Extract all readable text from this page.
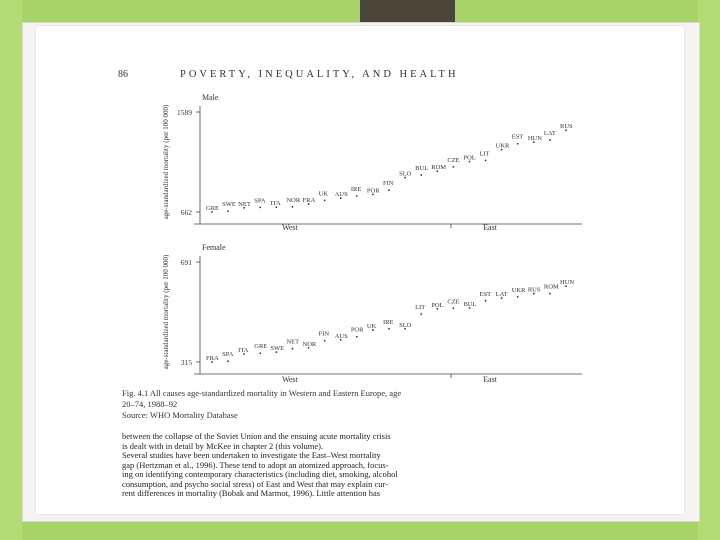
86	POVERTY, INEQUALITY, AND HEALTH
Male
1589
662
age-standardized mortality (per 100 000)
West	East
GRE
SWE NET
SPA ITA NOR FRA
UK AUS
IRE POR
FIN
SLO
BUL ROM
CZE POL
LIT
UKR
EST HUN
LAT
RUS
Female
691
315
age-standardized mortality (per 100 000)
West	East
FRA
SPA
ITA
GRE SWE
NET NOR
FIN AUS
POR
UK
IRE SLO
LIT POL
CZE BUL
EST LAT
UKR RUS ROM
HUN
Fig. 4.1 All causes age-standardized mortality in Western and Eastern Europe, age
20–74, 1988–92
Source: WHO Mortality Database

between the collapse of the Soviet Union and the ensuing acute mortality crisis

is dealt with in detail by McKee in chapter 2 (this volume).

Several studies have been undertaken to investigate the East–West mortality

gap (Hertzman et al., 1996). These tend to adopt an atomized approach, focus-

ing on identifying contemporary characteristics (including diet, smoking, alcohol

consumption, and psycho social stress) of East and West that may explain cur-

rent differences in mortality (Bobak and Marmot, 1996). Little attention has
